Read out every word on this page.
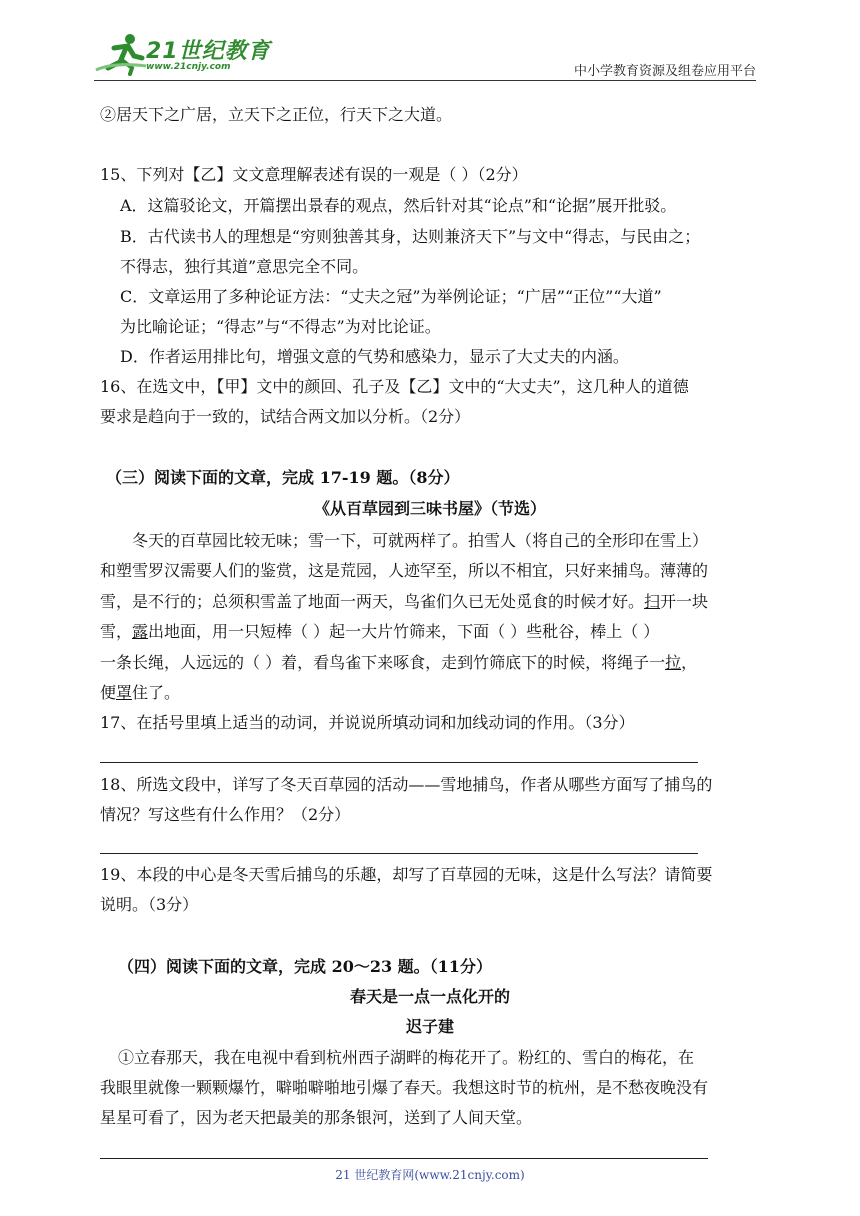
21世纪教育
www.21cnjy.com	中小学教育资源及组卷应用平台
②居天下之广居，立天下之正位，行天下之大道。
15、下列对【乙】文文意理解表述有误的一观是（ ）（2分）
A．这篇驳论文，开篇摆出景春的观点，然后针对其“论点”和“论据”展开批驳。
B．古代读书人的理想是“穷则独善其身，达则兼济天下”与文中“得志，与民由之；
不得志，独行其道”意思完全不同。
C．文章运用了多种论证方法：“丈夫之冠”为举例论证；“广居”“正位”“大道”
为比喻论证；“得志”与“不得志”为对比论证。
D．作者运用排比句，增强文意的气势和感染力，显示了大丈夫的内涵。
16、在选文中，【甲】文中的颜回、孔子及【乙】文中的“大丈夫”，这几种人的道德
要求是趋向于一致的，试结合两文加以分析。（2分）
（三）阅读下面的文章，完成 17-19 题。（8分）
《从百草园到三味书屋》（节选）
冬天的百草园比较无味；雪一下，可就两样了。拍雪人（将自己的全形印在雪上）
和塑雪罗汉需要人们的鉴赏，这是荒园，人迹罕至，所以不相宜，只好来捕鸟。薄薄的
雪，是不行的；总须积雪盖了地面一两天，鸟雀们久已无处觅食的时候才好。扫开一块
雪，露出地面，用一只短棒（ ）起一大片竹筛来，下面（ ）些秕谷，棒上（ ）
一条长绳，人远远的（ ）着，看鸟雀下来啄食，走到竹筛底下的时候，将绳子一拉，
便罩住了。
17、在括号里填上适当的动词，并说说所填动词和加线动词的作用。（3分）
18、所选文段中，详写了冬天百草园的活动——雪地捕鸟，作者从哪些方面写了捕鸟的
情况？写这些有什么作用？（2分）
19、本段的中心是冬天雪后捕鸟的乐趣，却写了百草园的无味，这是什么写法？请简要
说明。（3分）
（四）阅读下面的文章，完成 20～23 题。（11分）
春天是一点一点化开的
迟子建
①立春那天，我在电视中看到杭州西子湖畔的梅花开了。粉红的、雪白的梅花，在
我眼里就像一颗颗爆竹，噼啪噼啪地引爆了春天。我想这时节的杭州，是不愁夜晚没有
星星可看了，因为老天把最美的那条银河，送到了人间天堂。
21 世纪教育网(www.21cnjy.com)
